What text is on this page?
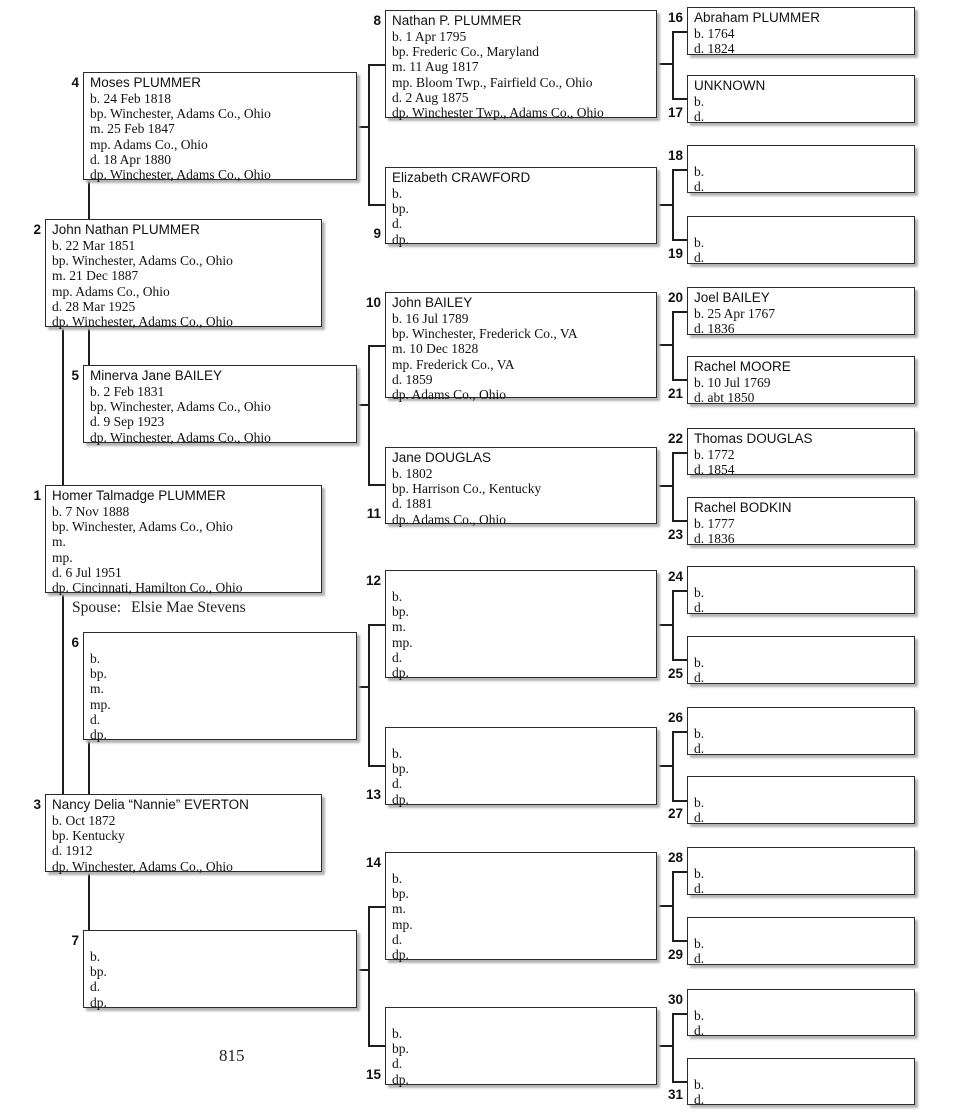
1 Homer Talmadge PLUMMER
b. 7 Nov 1888
bp. Winchester, Adams Co., Ohio
m.
mp.
d. 6 Jul 1951
dp. Cincinnati, Hamilton Co., Ohio
2 John Nathan PLUMMER
b. 22 Mar 1851
bp. Winchester, Adams Co., Ohio
m. 21 Dec 1887
mp. Adams Co., Ohio
d. 28 Mar 1925
dp. Winchester, Adams Co., Ohio
3 Nancy Delia “Nannie” EVERTON
b. Oct 1872
bp. Kentucky
d. 1912
dp. Winchester, Adams Co., Ohio
4 Moses PLUMMER
b. 24 Feb 1818
bp. Winchester, Adams Co., Ohio
m. 25 Feb 1847
mp. Adams Co., Ohio
d. 18 Apr 1880
dp. Winchester, Adams Co., Ohio
5 Minerva Jane BAILEY
b. 2 Feb 1831
bp. Winchester, Adams Co., Ohio
d. 9 Sep 1923
dp. Winchester, Adams Co., Ohio
6
b.
bp.
m.
mp.
d.
dp.
7
b.
bp.
d.
dp.
8 Nathan P. PLUMMER
b. 1 Apr 1795
bp. Frederic Co., Maryland
m. 11 Aug 1817
mp. Bloom Twp., Fairfield Co., Ohio
d. 2 Aug 1875
dp. Winchester Twp., Adams Co., Ohio
9
Elizabeth CRAWFORD
b.
bp.
d.
dp.
10 John BAILEY
b. 16 Jul 1789
bp. Winchester, Frederick Co., VA
m. 10 Dec 1828
mp. Frederick Co., VA
d. 1859
dp. Adams Co., Ohio
11
Jane DOUGLAS
b. 1802
bp. Harrison Co., Kentucky
d. 1881
dp. Adams Co., Ohio
12
b.
bp.
m.
mp.
d.
dp.
13
b.
bp.
d.
dp.
14
b.
bp.
m.
mp.
d.
dp.
15
b.
bp.
d.
dp.
16 Abraham PLUMMER
b. 1764
d. 1824
17
UNKNOWN
b.
d.
18
b.
d.
19
b.
d.
20 Joel BAILEY
b. 25 Apr 1767
d. 1836
21
Rachel MOORE
b. 10 Jul 1769
d. abt 1850
22 Thomas DOUGLAS
b. 1772
d. 1854
23
Rachel BODKIN
b. 1777
d. 1836
24
b.
d.
25
b.
d.
26
b.
d.
27
b.
d.
28
b.
d.
29
b.
d.
30
b.
d.
31
b.
d.
Spouse: Elsie Mae Stevens
815
